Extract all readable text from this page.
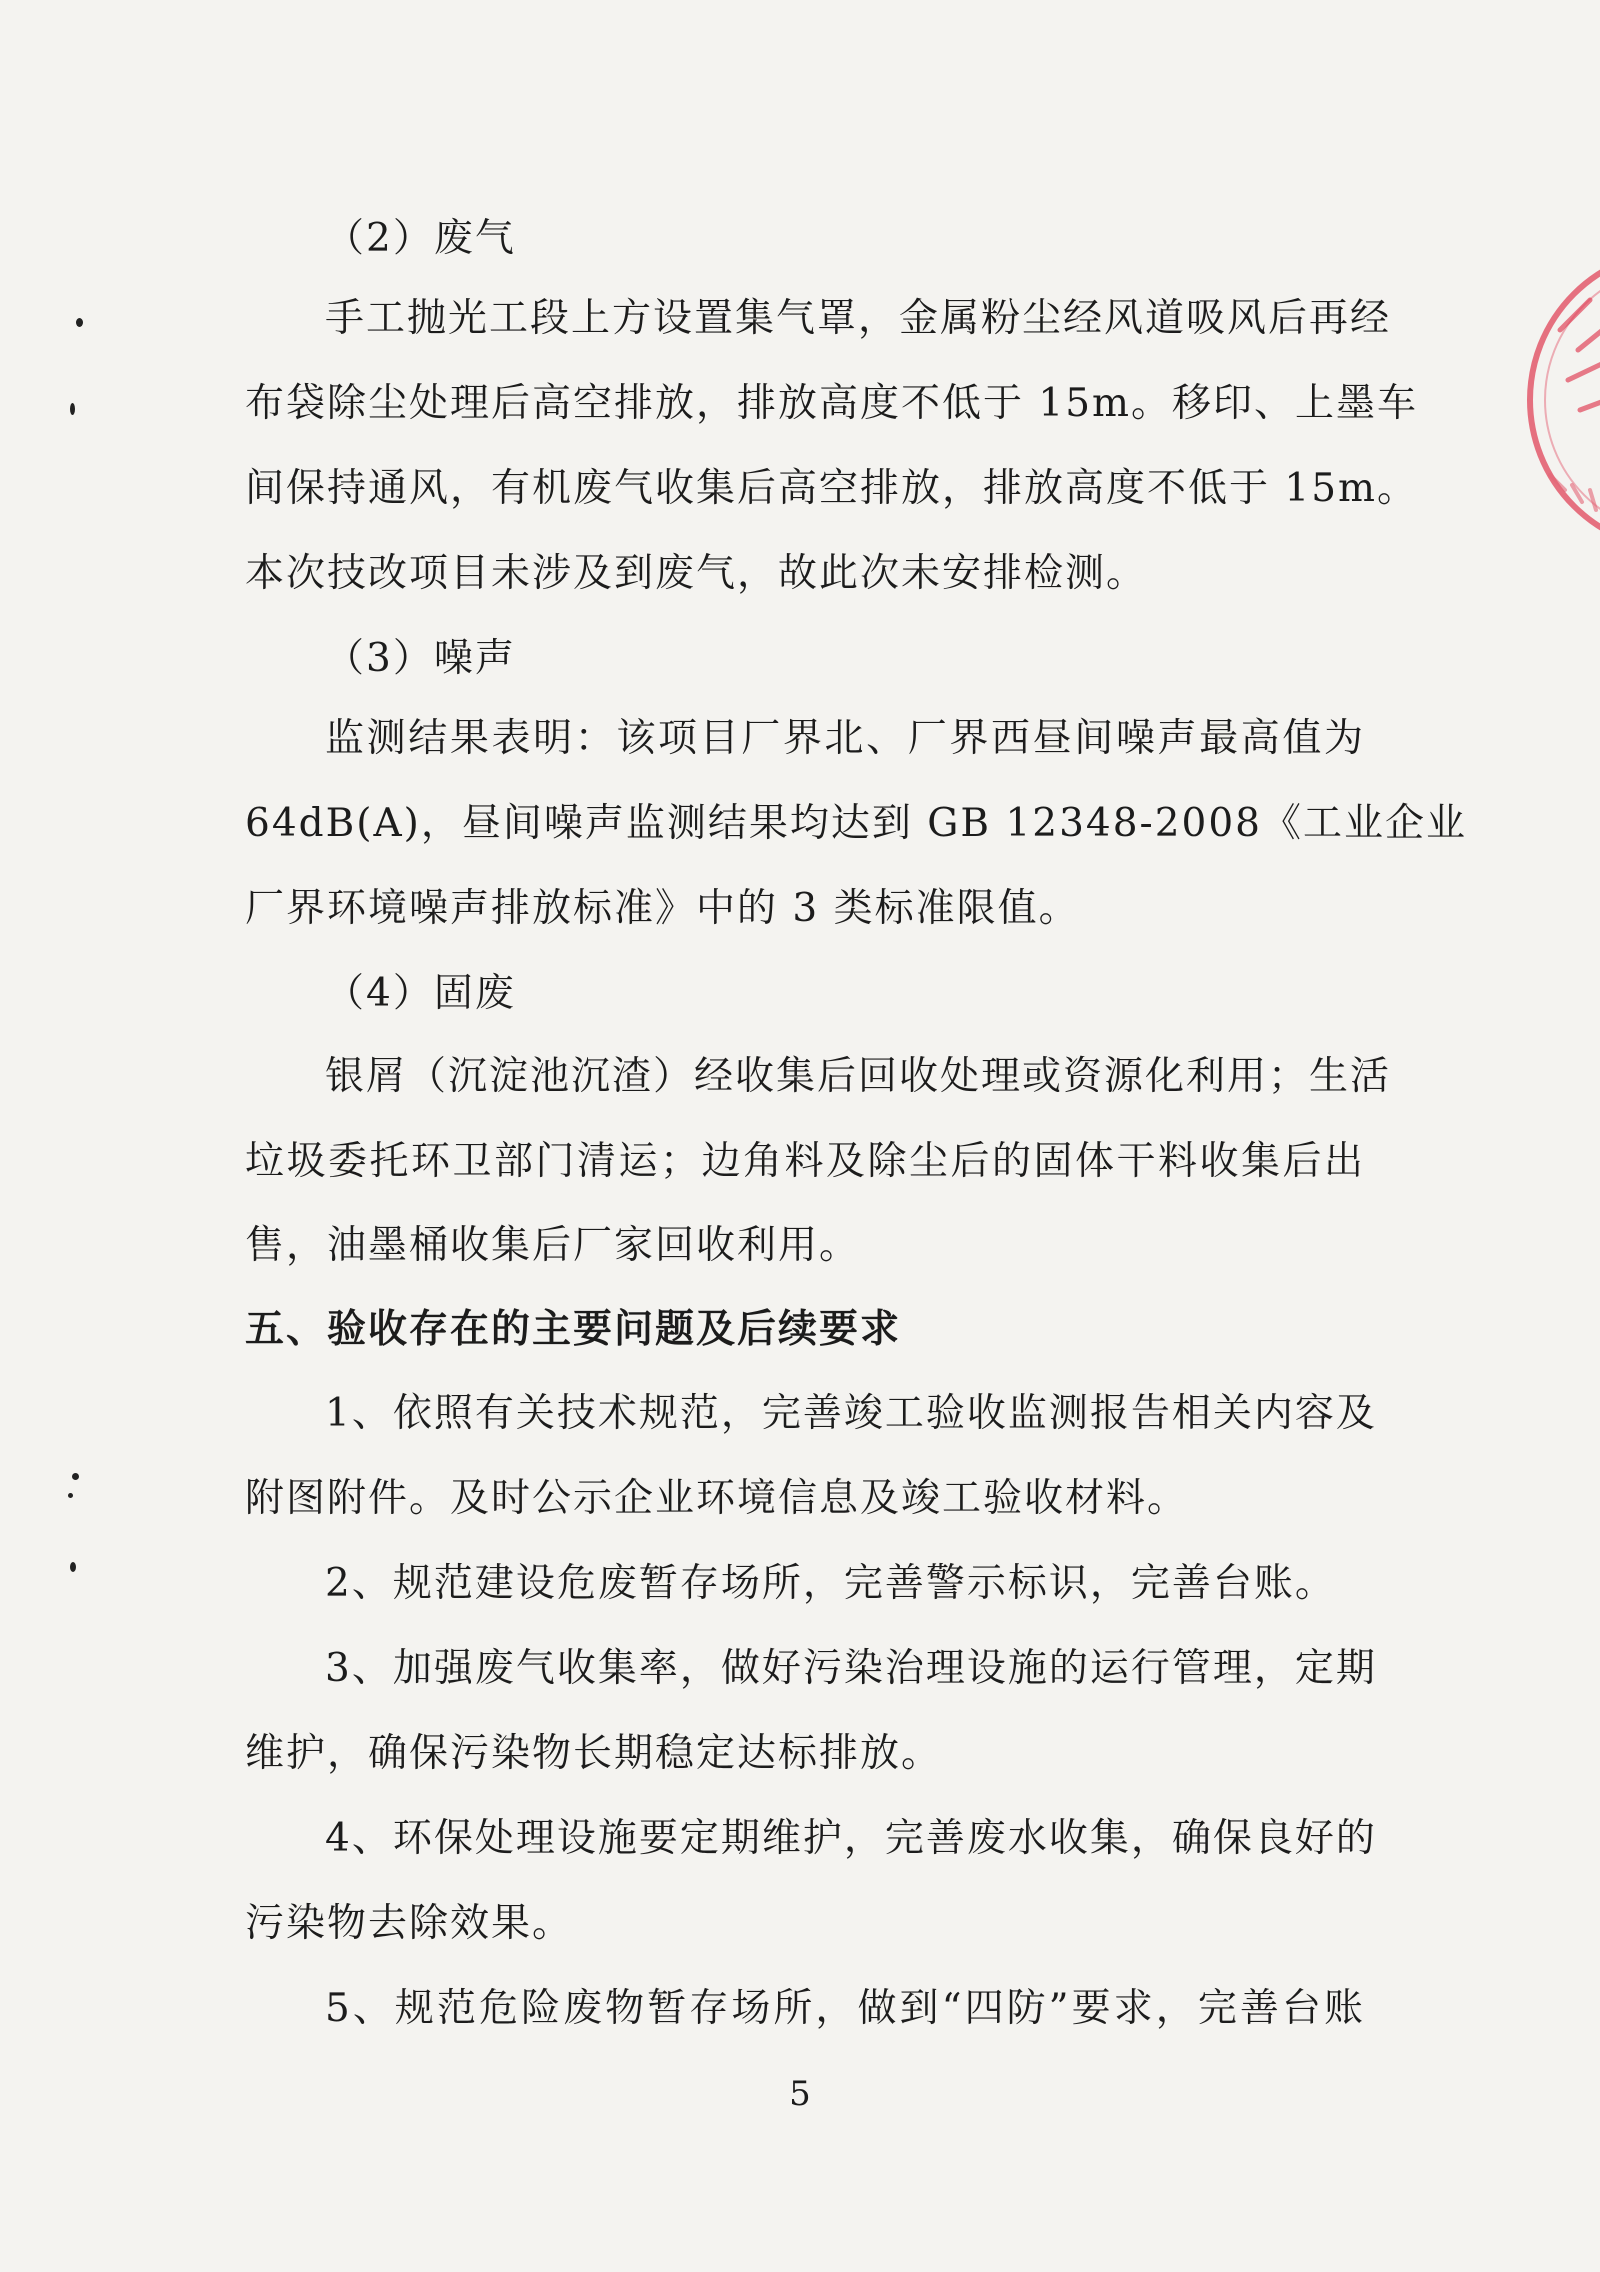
（2）废气
手工抛光工段上方设置集气罩，金属粉尘经风道吸风后再经
布袋除尘处理后高空排放，排放高度不低于 15m。移印、上墨车
间保持通风，有机废气收集后高空排放，排放高度不低于 15m。
本次技改项目未涉及到废气，故此次未安排检测。
（3）噪声
监测结果表明：该项目厂界北、厂界西昼间噪声最高值为
64dB(A)，昼间噪声监测结果均达到 GB 12348-2008《工业企业
厂界环境噪声排放标准》中的 3 类标准限值。
（4）固废
银屑（沉淀池沉渣）经收集后回收处理或资源化利用；生活
垃圾委托环卫部门清运；边角料及除尘后的固体干料收集后出
售，油墨桶收集后厂家回收利用。
五、验收存在的主要问题及后续要求
1、依照有关技术规范，完善竣工验收监测报告相关内容及
附图附件。及时公示企业环境信息及竣工验收材料。
2、规范建设危废暂存场所，完善警示标识，完善台账。
3、加强废气收集率，做好污染治理设施的运行管理，定期
维护，确保污染物长期稳定达标排放。
4、环保处理设施要定期维护，完善废水收集，确保良好的
污染物去除效果。
5、规范危险废物暂存场所，做到“四防”要求，完善台账
5
